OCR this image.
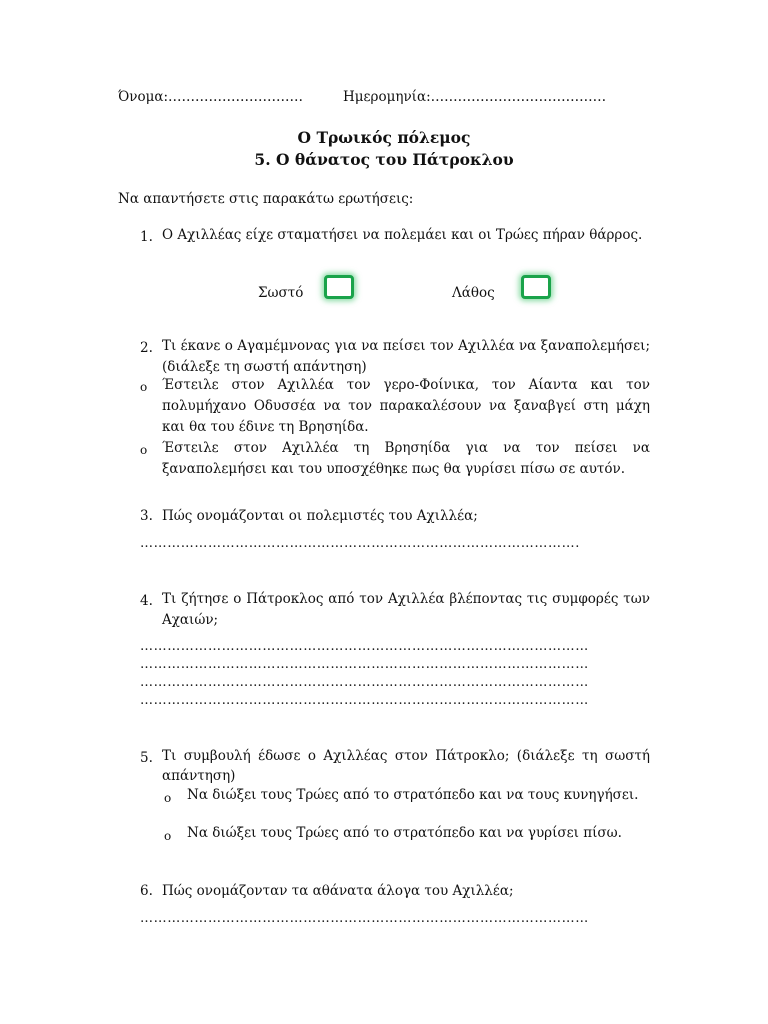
Όνομα:…………………………	Ημερομηνία:…………………………………
Ο Τρωικός πόλεμος
5. Ο θάνατος του Πάτροκλου
Να απαντήσετε στις παρακάτω ερωτήσεις:
1. Ο Αχιλλέας είχε σταματήσει να πολεμάει και οι Τρώες πήραν θάρρος.
Σωστό	Λάθος
2. Τι έκανε ο Αγαμέμνονας για να πείσει τον Αχιλλέα να ξαναπολεμήσει; (διάλεξε τη σωστή απάντηση)
o Έστειλε στον Αχιλλέα τον γερο-Φοίνικα, τον Αίαντα και τον πολυμήχανο Οδυσσέα να τον παρακαλέσουν να ξαναβγεί στη μάχη και θα του έδινε τη Βρησηίδα.
o Έστειλε στον Αχιλλέα τη Βρησηίδα για να τον πείσει να ξαναπολεμήσει και του υποσχέθηκε πως θα γυρίσει πίσω σε αυτόν.
3. Πώς ονομάζονται οι πολεμιστές του Αχιλλέα;
…………………………………………………………………………………….
4. Τι ζήτησε ο Πάτροκλος από τον Αχιλλέα βλέποντας τις συμφορές των Αχαιών;
………………………………………………………………………………………
………………………………………………………………………………………
………………………………………………………………………………………
………………………………………………………………………………………
5. Τι συμβουλή έδωσε ο Αχιλλέας στον Πάτροκλο; (διάλεξε τη σωστή απάντηση)
o Να διώξει τους Τρώες από το στρατόπεδο και να τους κυνηγήσει.
o Να διώξει τους Τρώες από το στρατόπεδο και να γυρίσει πίσω.
6. Πώς ονομάζονταν τα αθάνατα άλογα του Αχιλλέα;
………………………………………………………………………………………
